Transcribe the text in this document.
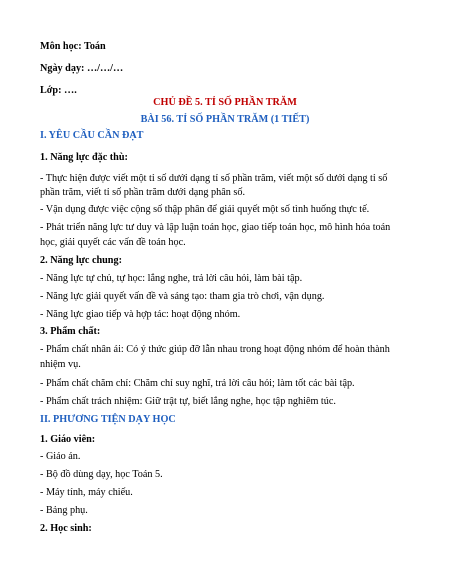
Môn học: Toán
Ngày dạy: …/…/…
Lớp: ….
CHỦ ĐỀ 5. TỈ SỐ PHẦN TRĂM
BÀI 56. TỈ SỐ PHẦN TRĂM (1 TIẾT)
I. YÊU CẦU CẦN ĐẠT
1. Năng lực đặc thù:
- Thực hiện được viết một tỉ số dưới dạng tỉ số phần trăm, viết một số dưới dạng tỉ số
phần trăm, viết tỉ số phần trăm dưới dạng phân số.
- Vận dụng được việc cộng số thập phân để giải quyết một số tình huống thực tế.
- Phát triển năng lực tư duy và lập luận toán học, giao tiếp toán học, mô hình hóa toán
học, giải quyết các vấn đề toán học.
2. Năng lực chung:
- Năng lực tự chủ, tự học: lắng nghe, trả lời câu hỏi, làm bài tập.
- Năng lực giải quyết vấn đề và sáng tạo: tham gia trò chơi, vận dụng.
- Năng lực giao tiếp và hợp tác: hoạt động nhóm.
3. Phẩm chất:
- Phẩm chất nhân ái: Có ý thức giúp đỡ lẫn nhau trong hoạt động nhóm để hoàn thành
nhiệm vụ.
- Phẩm chất chăm chỉ: Chăm chỉ suy nghĩ, trả lời câu hỏi; làm tốt các bài tập.
- Phẩm chất trách nhiệm: Giữ trật tự, biết lắng nghe, học tập nghiêm túc.
II. PHƯƠNG TIỆN DẠY HỌC
1. Giáo viên:
- Giáo án.
- Bộ đồ dùng dạy, học Toán 5.
- Máy tính, máy chiếu.
- Bảng phụ.
2. Học sinh:
